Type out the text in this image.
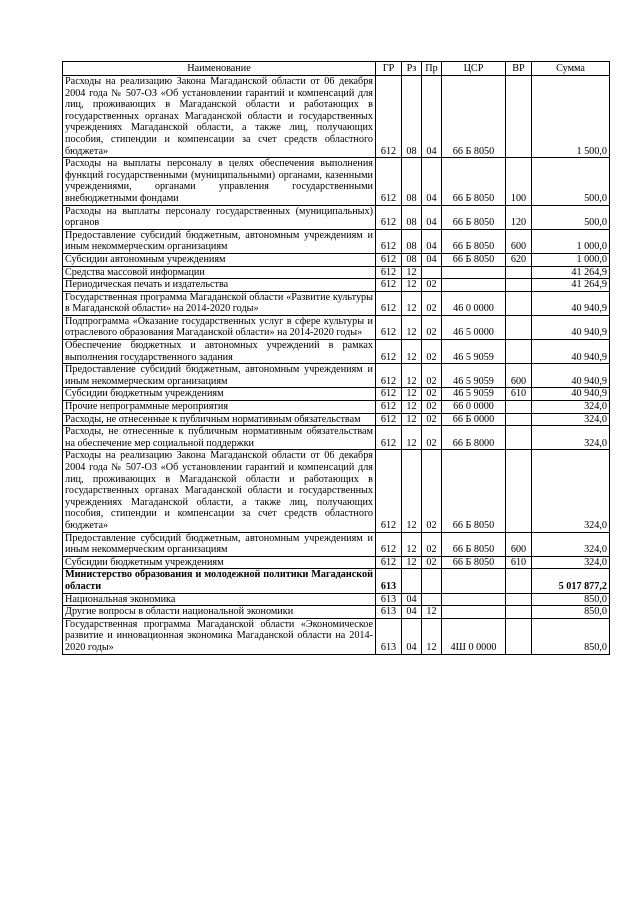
Наименование	ГР	Рз	Пр	ЦСР	ВР	Сумма
Расходы на реализацию Закона Магаданской области от 06 декабря 2004 года № 507-ОЗ «Об установлении гарантий и компенсаций для лиц, проживающих в Магаданской области и работающих в государственных органах Магаданской области и государственных учреждениях Магаданской области, а также лиц, получающих пособия, стипендии и компенсации за счет средств областного бюджета»	612	08	04	66 Б 8050		1 500,0
Расходы на выплаты персоналу в целях обеспечения выполнения функций государственными (муниципальными) органами, казенными учреждениями, органами управления государственными внебюджетными фондами	612	08	04	66 Б 8050	100	500,0
Расходы на выплаты персоналу государственных (муниципальных) органов	612	08	04	66 Б 8050	120	500,0
Предоставление субсидий бюджетным, автономным учреждениям и иным некоммерческим организациям	612	08	04	66 Б 8050	600	1 000,0
Субсидии автономным учреждениям	612	08	04	66 Б 8050	620	1 000,0
Средства массовой информации	612	12				41 264,9
Периодическая печать и издательства	612	12	02			41 264,9
Государственная программа Магаданской области «Развитие культуры в Магаданской области» на 2014-2020 годы»	612	12	02	46 0 0000		40 940,9
Подпрограмма «Оказание государственных услуг в сфере культуры и отраслевого образования Магаданской области» на 2014-2020 годы»	612	12	02	46 5 0000		40 940,9
Обеспечение бюджетных и автономных учреждений в рамках выполнения государственного задания	612	12	02	46 5 9059		40 940,9
Предоставление субсидий бюджетным, автономным учреждениям и иным некоммерческим организациям	612	12	02	46 5 9059	600	40 940,9
Субсидии бюджетным учреждениям	612	12	02	46 5 9059	610	40 940,9
Прочие непрограммные мероприятия	612	12	02	66 0 0000		324,0
Расходы, не отнесенные к публичным нормативным обязательствам	612	12	02	66 Б 0000		324,0
Расходы, не отнесенные к публичным нормативным обязательствам на обеспечение мер социальной поддержки	612	12	02	66 Б 8000		324,0
Расходы на реализацию Закона Магаданской области от 06 декабря 2004 года № 507-ОЗ «Об установлении гарантий и компенсаций для лиц, проживающих в Магаданской области и работающих в государственных органах Магаданской области и государственных учреждениях Магаданской области, а также лиц, получающих пособия, стипендии и компенсации за счет средств областного бюджета»	612	12	02	66 Б 8050		324,0
Предоставление субсидий бюджетным, автономным учреждениям и иным некоммерческим организациям	612	12	02	66 Б 8050	600	324,0
Субсидии бюджетным учреждениям	612	12	02	66 Б 8050	610	324,0
Министерство образования и молодежной политики Магаданской области	613					5 017 877,2
Национальная экономика	613	04				850,0
Другие вопросы в области национальной экономики	613	04	12			850,0
Государственная программа Магаданской области «Экономическое развитие и инновационная экономика Магаданской области на 2014-2020 годы»	613	04	12	4Ш 0 0000		850,0
